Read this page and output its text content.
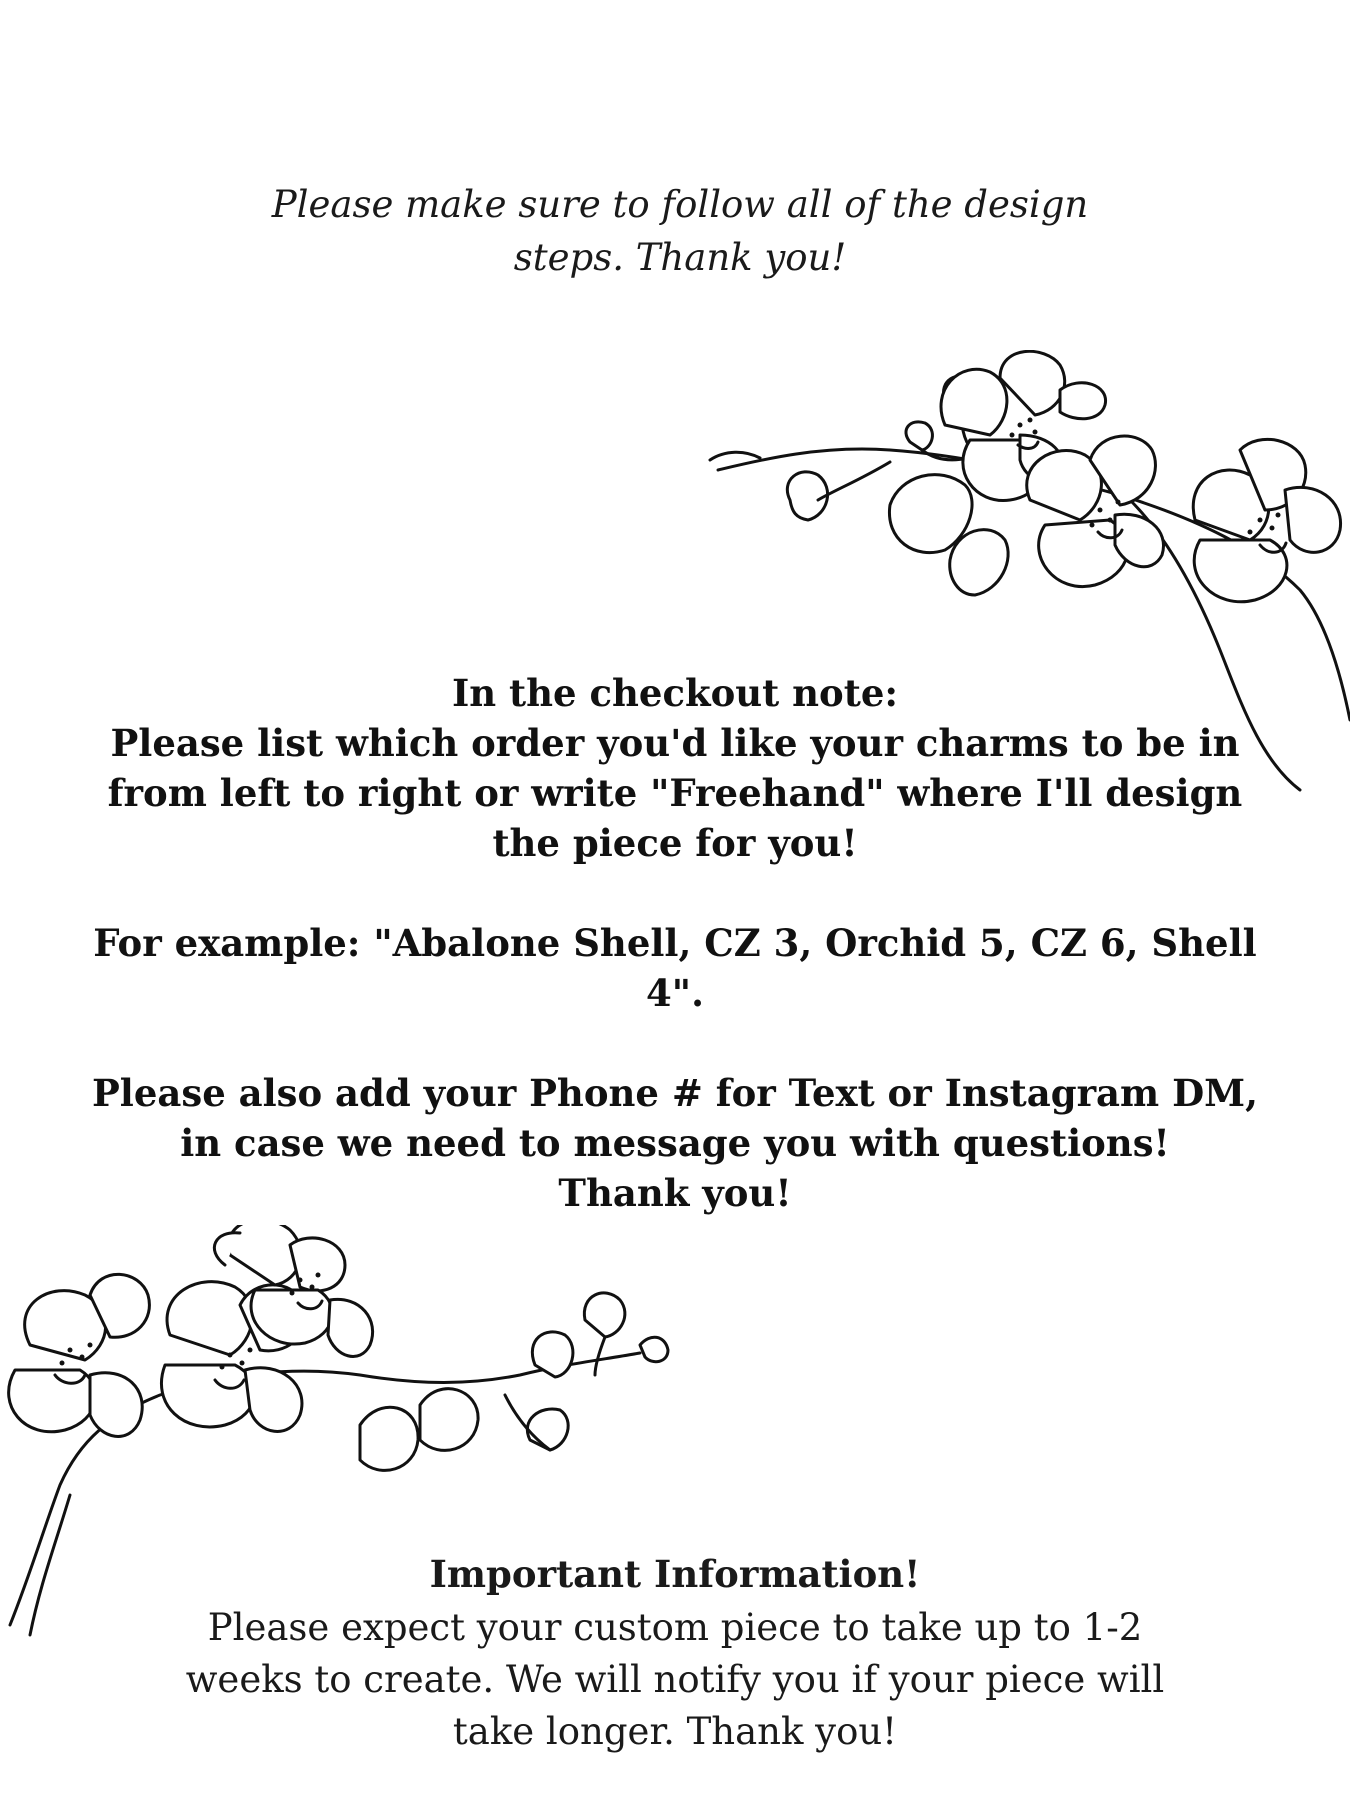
Please make sure to follow all of the design steps. Thank you!

In the checkout note:
Please list which order you'd like your charms to be in from left to right or write "Freehand" where I'll design the piece for you!

For example: "Abalone Shell, CZ 3, Orchid 5, CZ 6, Shell 4".

Please also add your Phone # for Text or Instagram DM, in case we need to message you with questions!
Thank you!

Important Information!

Please expect your custom piece to take up to 1-2 weeks to create. We will notify you if your piece will take longer. Thank you!
